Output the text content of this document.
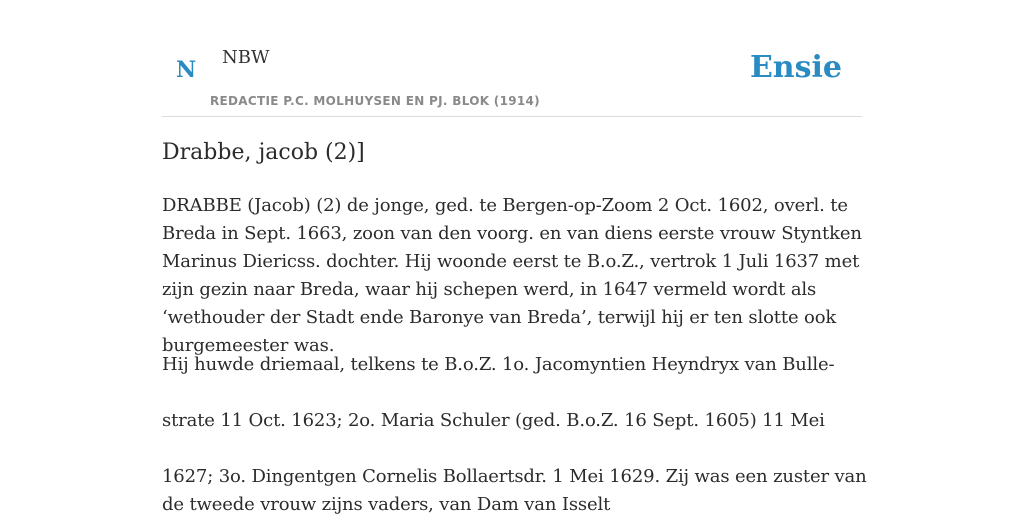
N NBW
REDACTIE P.C. MOLHUYSEN EN PJ. BLOK (1914)
Ensie
Drabbe, jacob (2)]

DRABBE (Jacob) (2) de jonge, ged. te Bergen-op-Zoom 2 Oct. 1602, overl. te Breda in Sept. 1663, zoon van den voorg. en van diens eerste vrouw Styntken Marinus Diericss. dochter. Hij woonde eerst te B.o.Z., vertrok 1 Juli 1637 met zijn gezin naar Breda, waar hij schepen werd, in 1647 vermeld wordt als ‘wethouder der Stadt ende Baronye van Breda’, terwijl hij er ten slotte ook burgemeester was.

Hij huwde driemaal, telkens te B.o.Z. 1o. Jacomyntien Heyndryx van Bulle-

strate 11 Oct. 1623; 2o. Maria Schuler (ged. B.o.Z. 16 Sept. 1605) 11 Mei

1627; 3o. Dingentgen Cornelis Bollaertsdr. 1 Mei 1629. Zij was een zuster van de tweede vrouw zijns vaders, van Dam van Isselt
